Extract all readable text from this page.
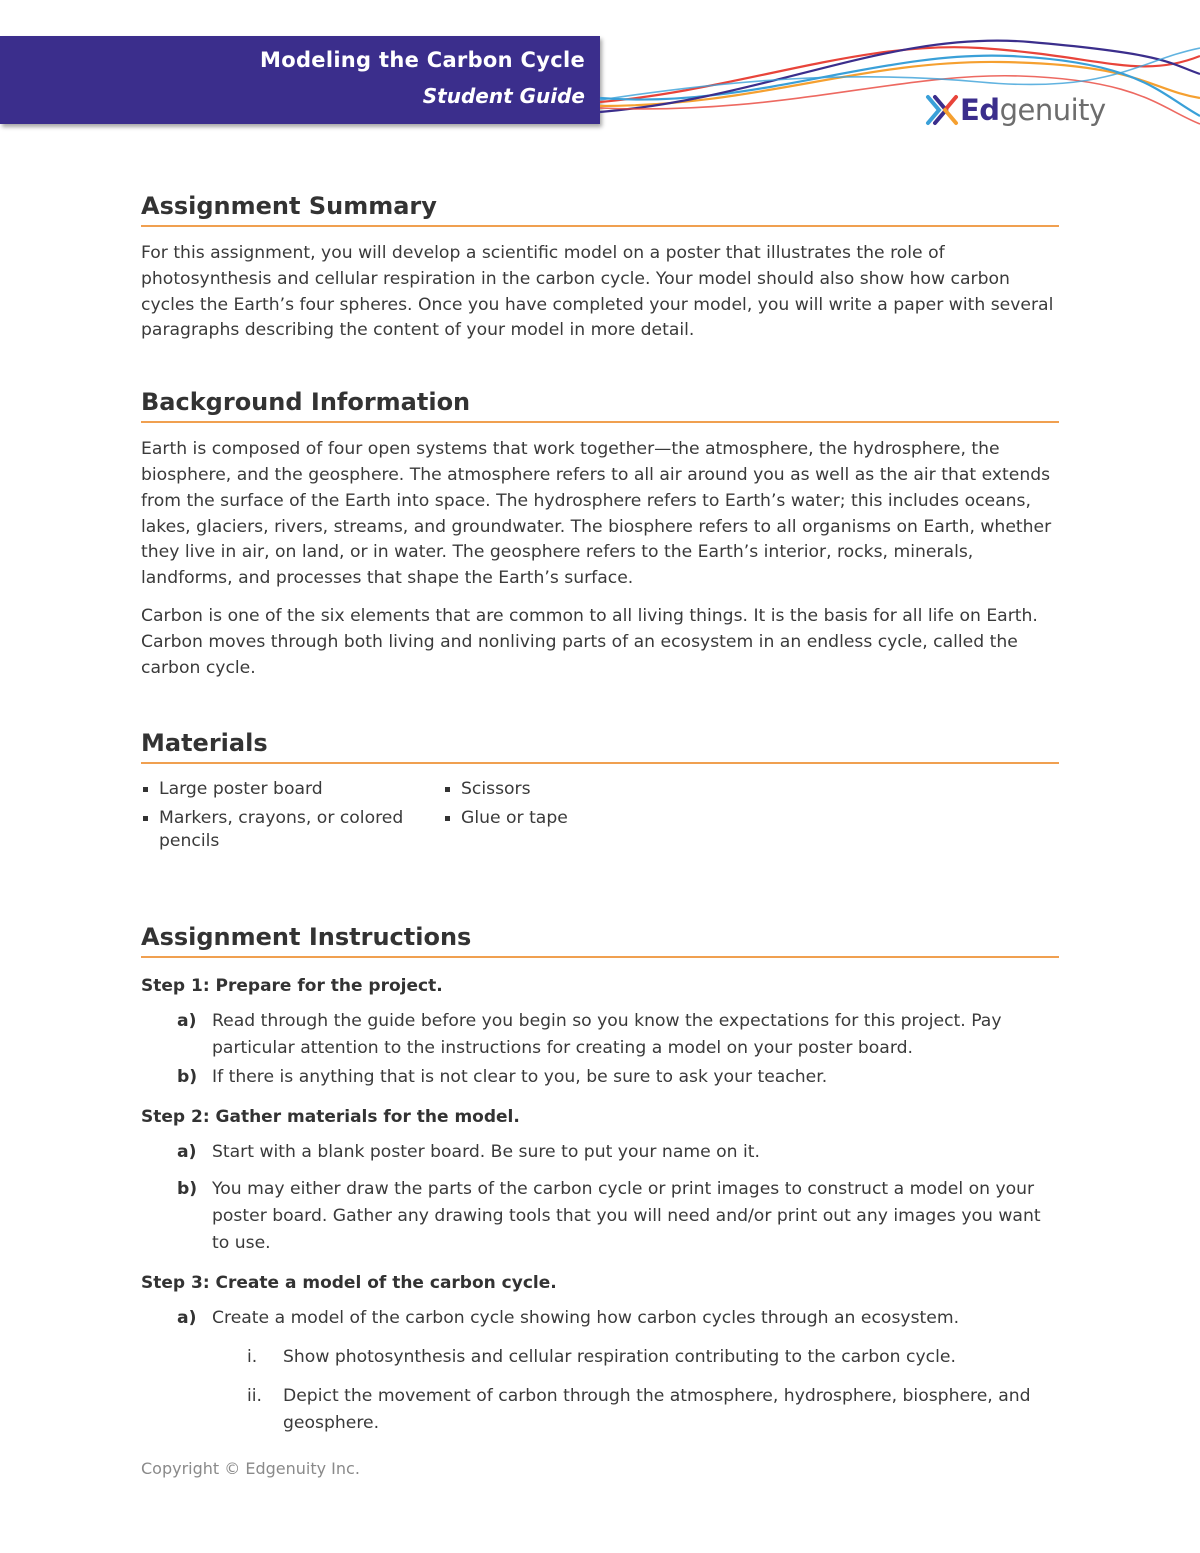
Modeling the Carbon Cycle
Student Guide	Edgenuity
Assignment Summary

For this assignment, you will develop a scientific model on a poster that illustrates the role of photosynthesis and cellular respiration in the carbon cycle. Your model should also show how carbon cycles the Earth’s four spheres. Once you have completed your model, you will write a paper with several paragraphs describing the content of your model in more detail.

Background Information

Earth is composed of four open systems that work together—the atmosphere, the hydrosphere, the biosphere, and the geosphere. The atmosphere refers to all air around you as well as the air that extends from the surface of the Earth into space. The hydrosphere refers to Earth’s water; this includes oceans, lakes, glaciers, rivers, streams, and groundwater. The biosphere refers to all organisms on Earth, whether they live in air, on land, or in water. The geosphere refers to the Earth’s interior, rocks, minerals, landforms, and processes that shape the Earth’s surface.

Carbon is one of the six elements that are common to all living things. It is the basis for all life on Earth. Carbon moves through both living and nonliving parts of an ecosystem in an endless cycle, called the carbon cycle.

Materials
Large poster board
Markers, crayons, or colored pencils
Scissors
Glue or tape
Assignment Instructions
Step 1: Prepare for the project.
a) Read through the guide before you begin so you know the expectations for this project. Pay particular attention to the instructions for creating a model on your poster board.
b) If there is anything that is not clear to you, be sure to ask your teacher.
Step 2: Gather materials for the model.
a) Start with a blank poster board. Be sure to put your name on it.
b) You may either draw the parts of the carbon cycle or print images to construct a model on your poster board. Gather any drawing tools that you will need and/or print out any images you want to use.
Step 3: Create a model of the carbon cycle.
a) Create a model of the carbon cycle showing how carbon cycles through an ecosystem.
i. Show photosynthesis and cellular respiration contributing to the carbon cycle.
ii. Depict the movement of carbon through the atmosphere, hydrosphere, biosphere, and geosphere.
Copyright © Edgenuity Inc.
